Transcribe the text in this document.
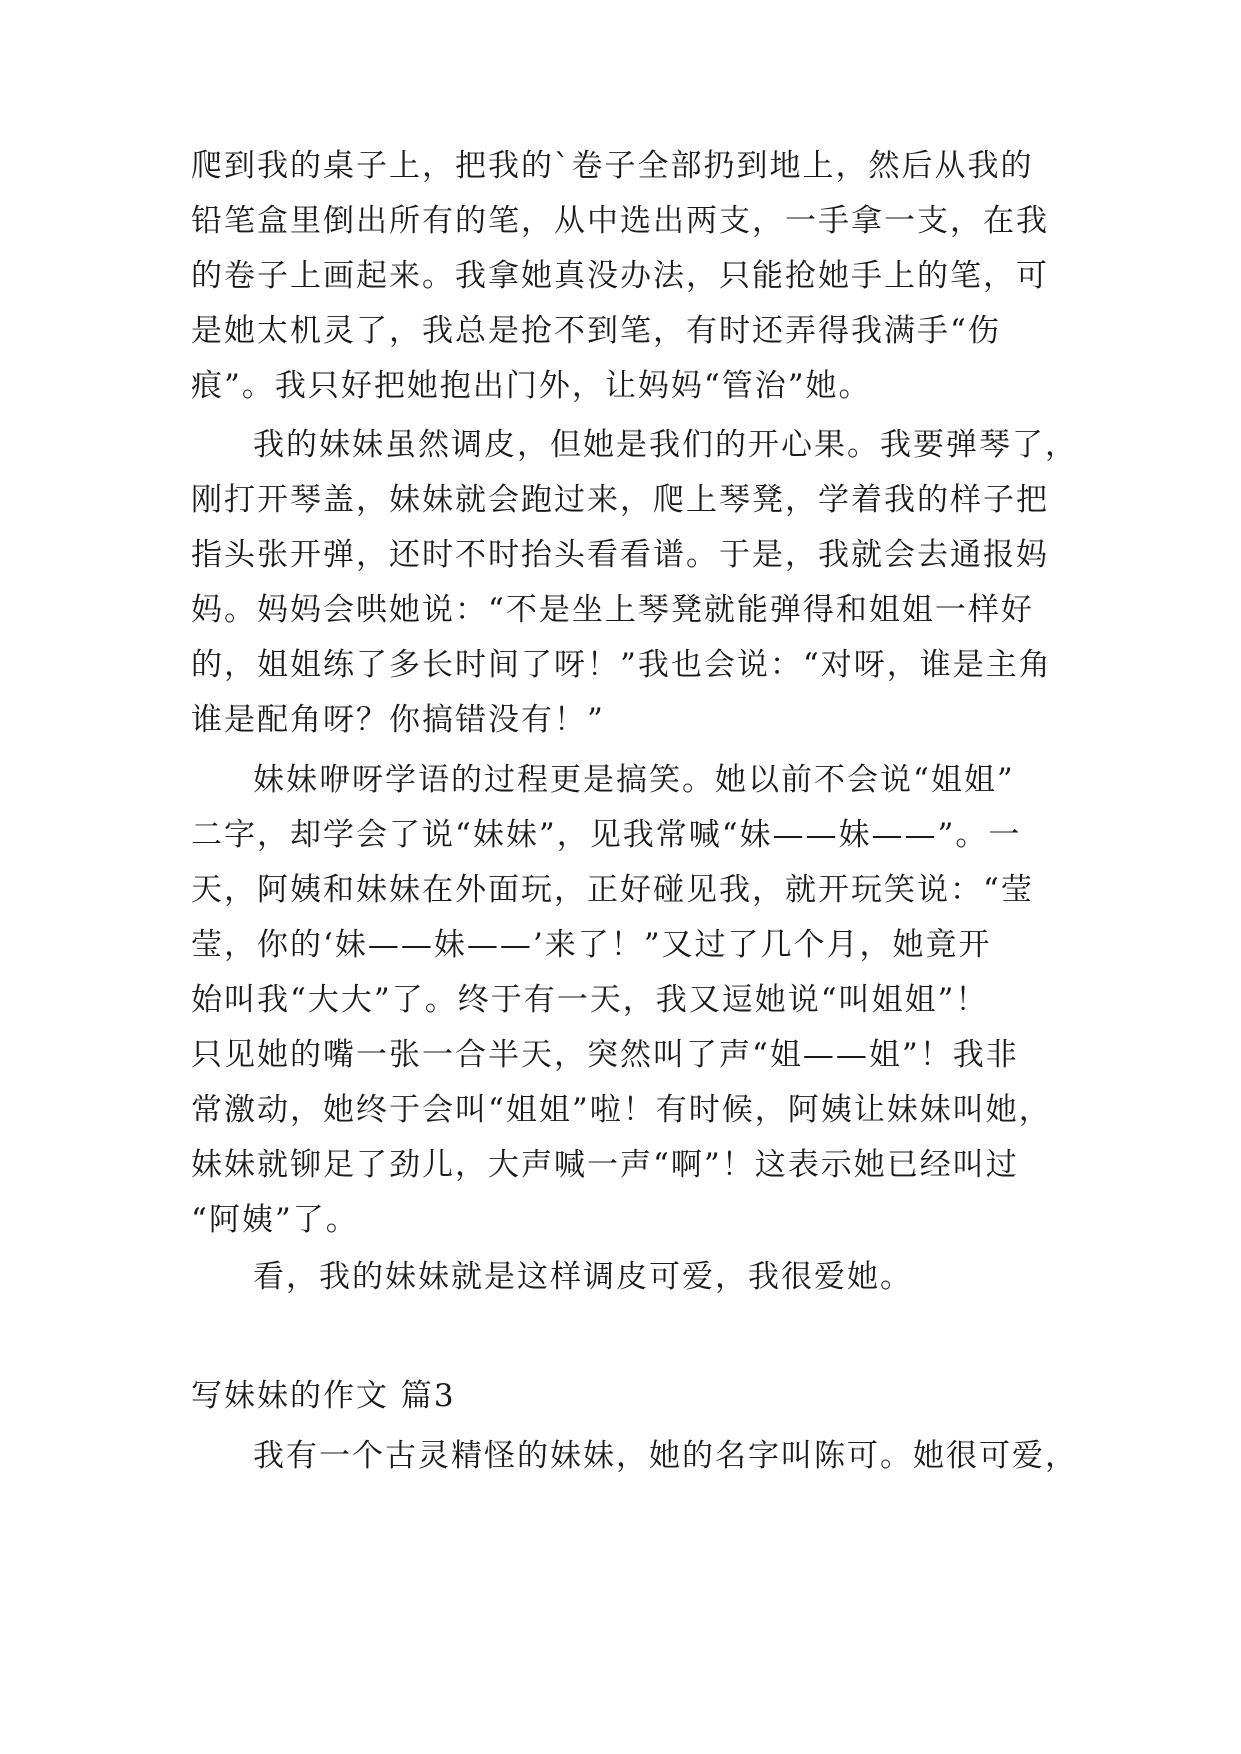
爬到我的桌子上，把我的`卷子全部扔到地上，然后从我的
铅笔盒里倒出所有的笔，从中选出两支，一手拿一支，在我
的卷子上画起来。我拿她真没办法，只能抢她手上的笔，可
是她太机灵了，我总是抢不到笔，有时还弄得我满手“伤
痕”。我只好把她抱出门外，让妈妈“管治”她。
我的妹妹虽然调皮，但她是我们的开心果。我要弹琴了，
刚打开琴盖，妹妹就会跑过来，爬上琴凳，学着我的样子把
指头张开弹，还时不时抬头看看谱。于是，我就会去通报妈
妈。妈妈会哄她说：“不是坐上琴凳就能弹得和姐姐一样好
的，姐姐练了多长时间了呀！”我也会说：“对呀，谁是主角
谁是配角呀？你搞错没有！”
妹妹咿呀学语的过程更是搞笑。她以前不会说“姐姐”
二字，却学会了说“妹妹”，见我常喊“妹——妹——”。一
天，阿姨和妹妹在外面玩，正好碰见我，就开玩笑说：“莹
莹，你的‘妹——妹——’来了！”又过了几个月，她竟开
始叫我“大大”了。终于有一天，我又逗她说“叫姐姐”！
只见她的嘴一张一合半天，突然叫了声“姐——姐”！我非
常激动，她终于会叫“姐姐”啦！有时候，阿姨让妹妹叫她，
妹妹就铆足了劲儿，大声喊一声“啊”！这表示她已经叫过
“阿姨”了。
看，我的妹妹就是这样调皮可爱，我很爱她。
写妹妹的作文 篇3
我有一个古灵精怪的妹妹，她的名字叫陈可。她很可爱，
